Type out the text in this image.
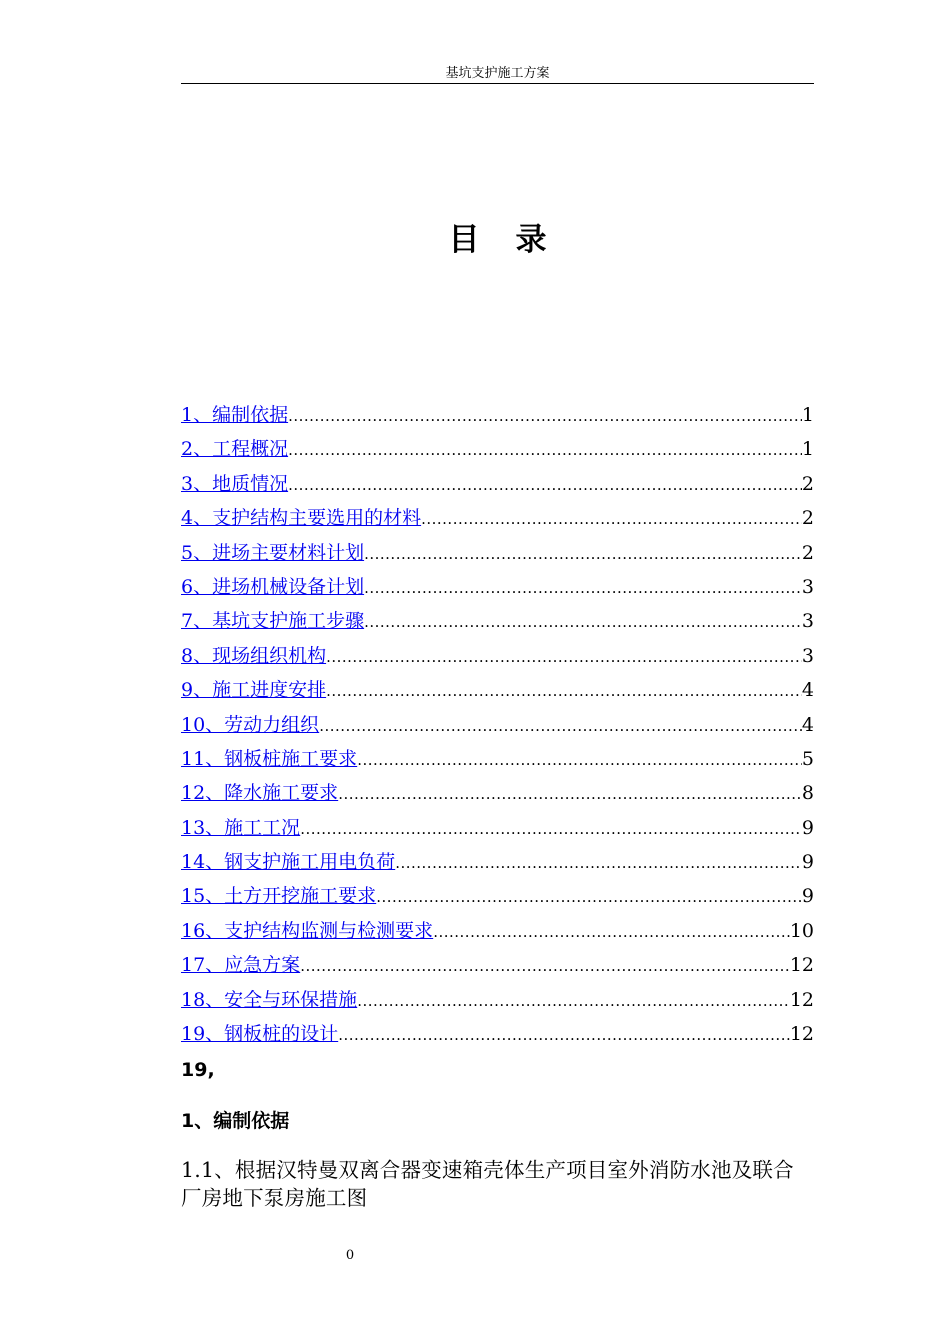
基坑支护施工方案
目 录
1、编制依据 .....	1
2、工程概况 .....	1
3、地质情况 .....	2
4、支护结构主要选用的材料 .....	2
5、进场主要材料计划 .....	2
6、进场机械设备计划 .....	3
7、基坑支护施工步骤 .....	3
8、现场组织机构 .....	3
9、施工进度安排 .....	4
10、劳动力组织 .....	4
11、钢板桩施工要求 .....	5
12、降水施工要求 .....	8
13、施工工况 .....	9
14、钢支护施工用电负荷 .....	9
15、土方开挖施工要求 .....	9
16、支护结构监测与检测要求 .....	10
17、应急方案 .....	12
18、安全与环保措施 .....	12
19、钢板桩的设计 .....	12
19,
1、编制依据
1.1、根据汉特曼双离合器变速箱壳体生产项目室外消防水池及联合厂房地下泵房施工图
0
